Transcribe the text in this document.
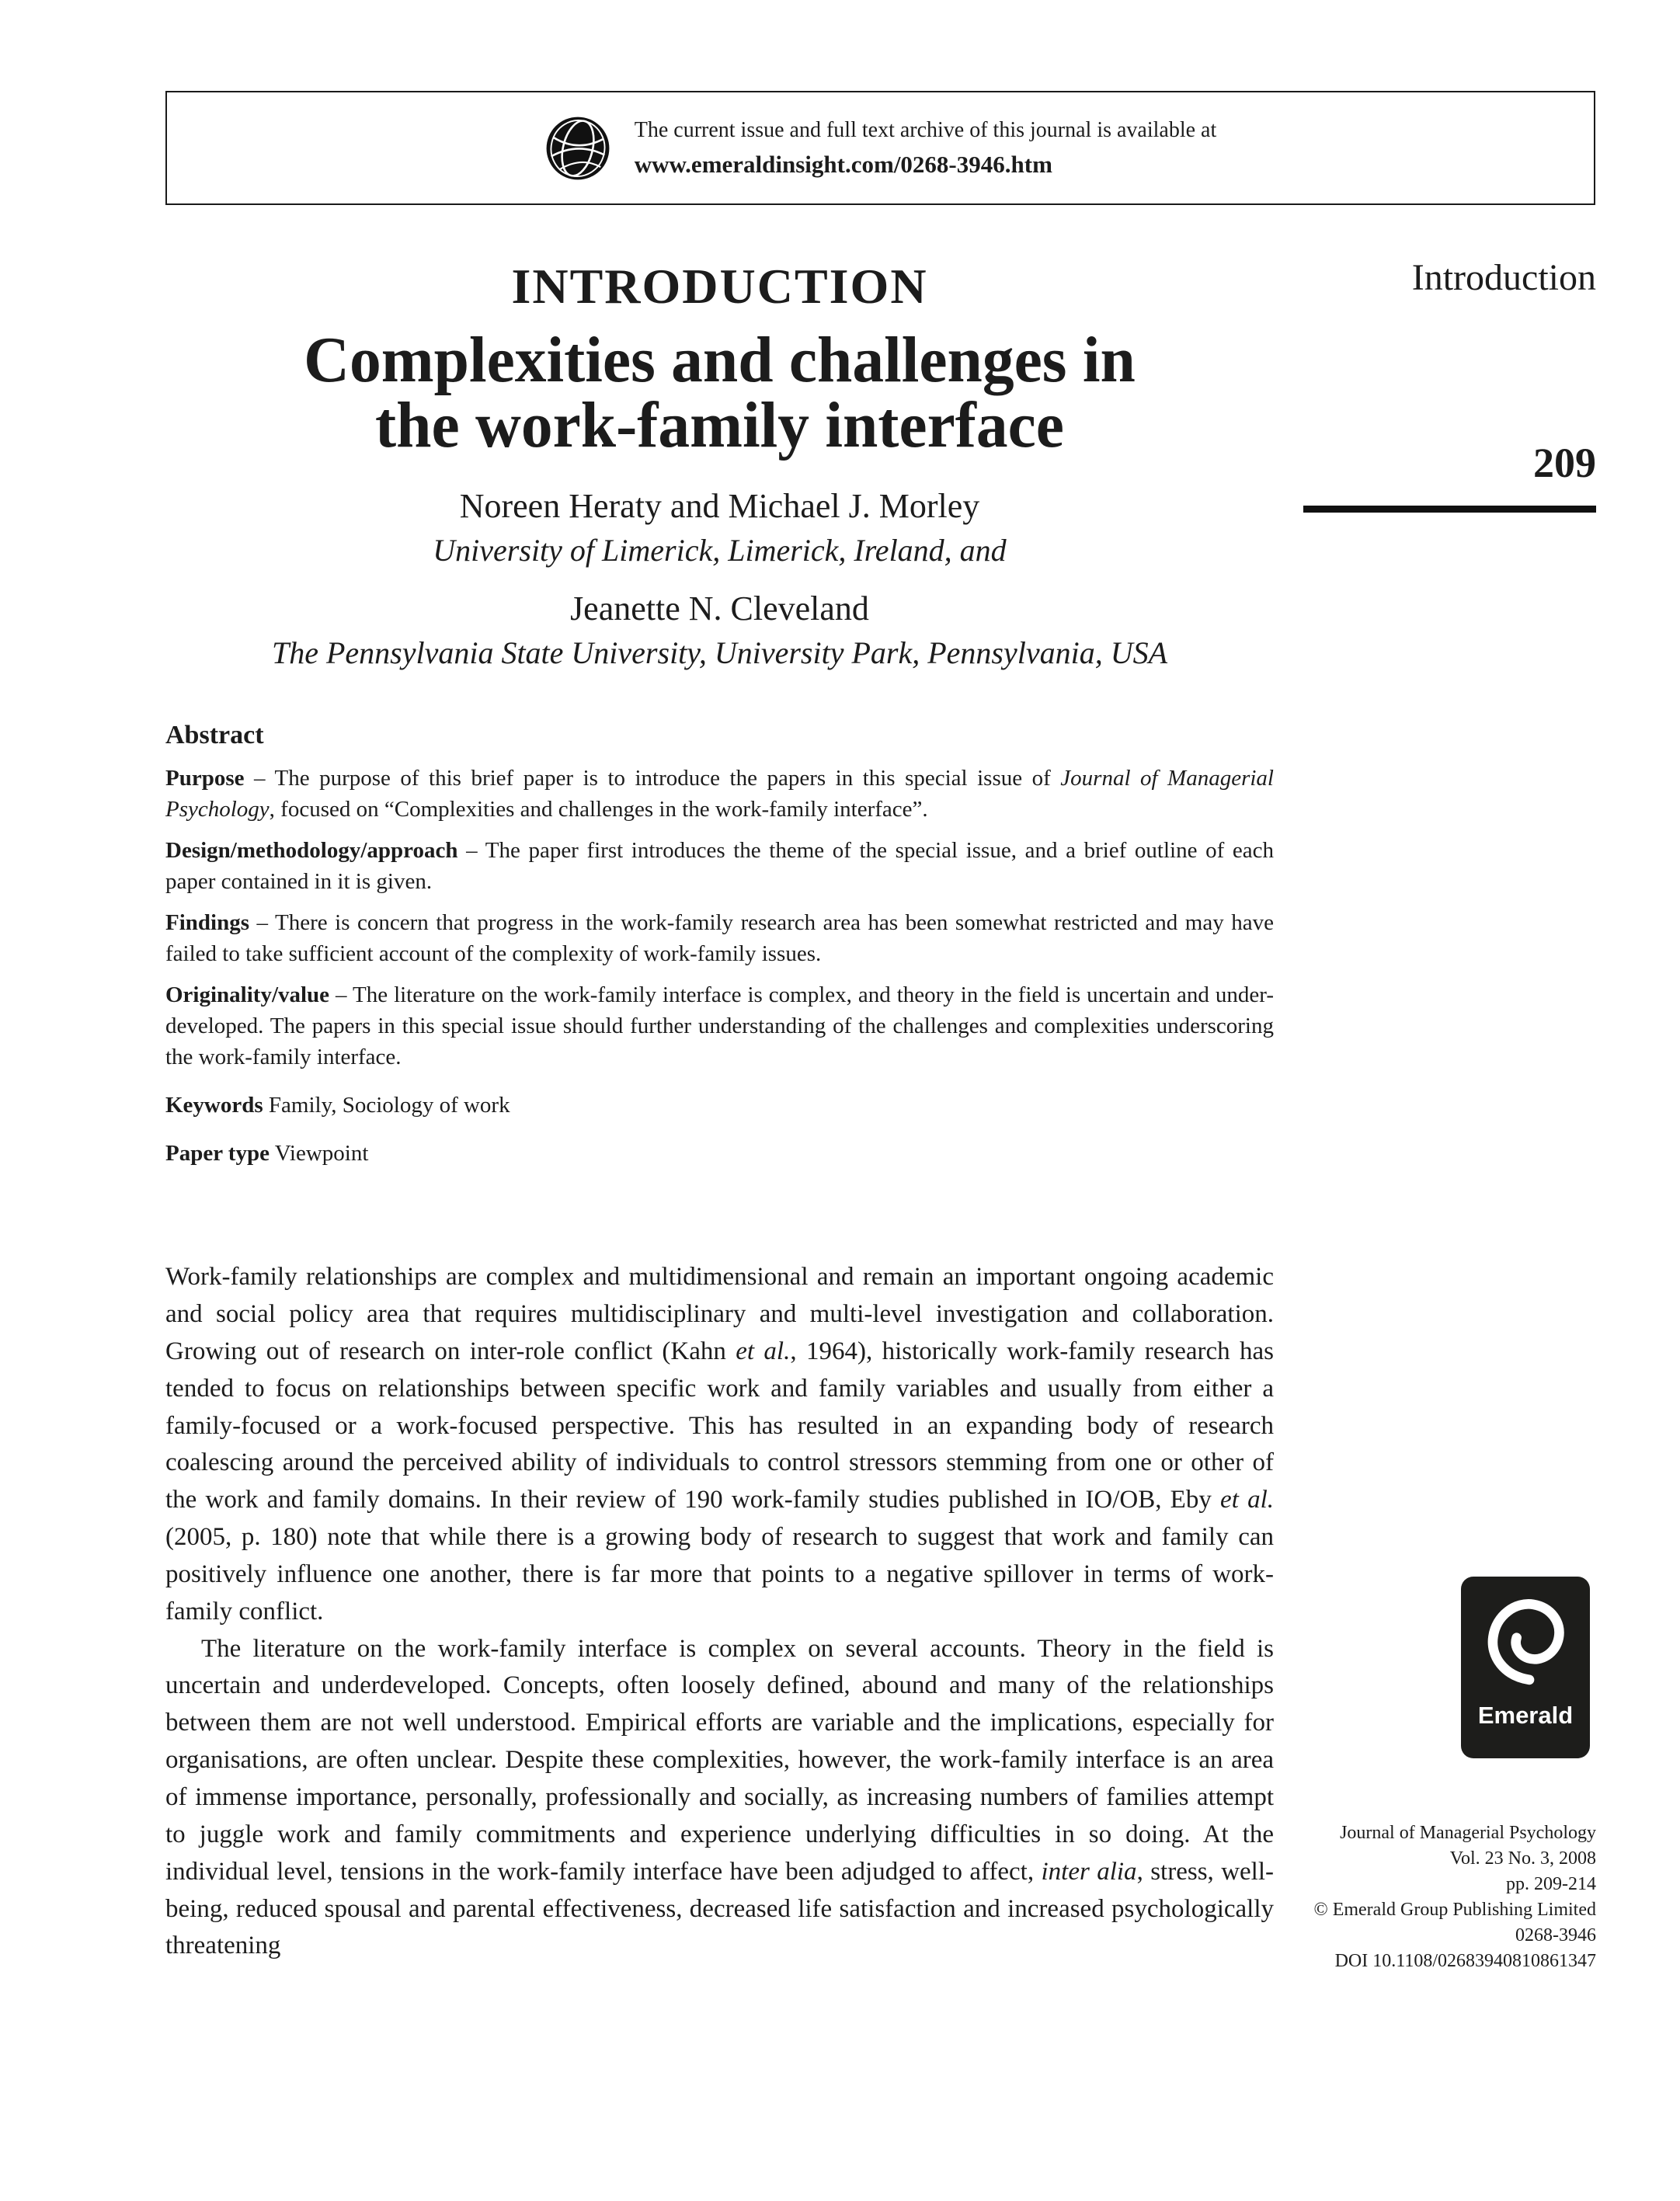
The current issue and full text archive of this journal is available at
www.emeraldinsight.com/0268-3946.htm
INTRODUCTION
Complexities and challenges in
the work-family interface
Noreen Heraty and Michael J. Morley
University of Limerick, Limerick, Ireland, and
Jeanette N. Cleveland
The Pennsylvania State University, University Park, Pennsylvania, USA
Abstract

Purpose – The purpose of this brief paper is to introduce the papers in this special issue of Journal of Managerial Psychology, focused on “Complexities and challenges in the work-family interface”.

Design/methodology/approach – The paper first introduces the theme of the special issue, and a brief outline of each paper contained in it is given.

Findings – There is concern that progress in the work-family research area has been somewhat restricted and may have failed to take sufficient account of the complexity of work-family issues.

Originality/value – The literature on the work-family interface is complex, and theory in the field is uncertain and under-developed. The papers in this special issue should further understanding of the challenges and complexities underscoring the work-family interface.

Keywords Family, Sociology of work

Paper type Viewpoint

Work-family relationships are complex and multidimensional and remain an important ongoing academic and social policy area that requires multidisciplinary and multi-level investigation and collaboration. Growing out of research on inter-role conflict (Kahn et al., 1964), historically work-family research has tended to focus on relationships between specific work and family variables and usually from either a family-focused or a work-focused perspective. This has resulted in an expanding body of research coalescing around the perceived ability of individuals to control stressors stemming from one or other of the work and family domains. In their review of 190 work-family studies published in IO/OB, Eby et al. (2005, p. 180) note that while there is a growing body of research to suggest that work and family can positively influence one another, there is far more that points to a negative spillover in terms of work-family conflict.

The literature on the work-family interface is complex on several accounts. Theory in the field is uncertain and underdeveloped. Concepts, often loosely defined, abound and many of the relationships between them are not well understood. Empirical efforts are variable and the implications, especially for organisations, are often unclear. Despite these complexities, however, the work-family interface is an area of immense importance, personally, professionally and socially, as increasing numbers of families attempt to juggle work and family commitments and experience underlying difficulties in so doing. At the individual level, tensions in the work-family interface have been adjudged to affect, inter alia, stress, well-being, reduced spousal and parental effectiveness, decreased life satisfaction and increased psychologically threatening

Introduction
209
Emerald
Journal of Managerial Psychology
Vol. 23 No. 3, 2008
pp. 209-214
© Emerald Group Publishing Limited
0268-3946
DOI 10.1108/02683940810861347
